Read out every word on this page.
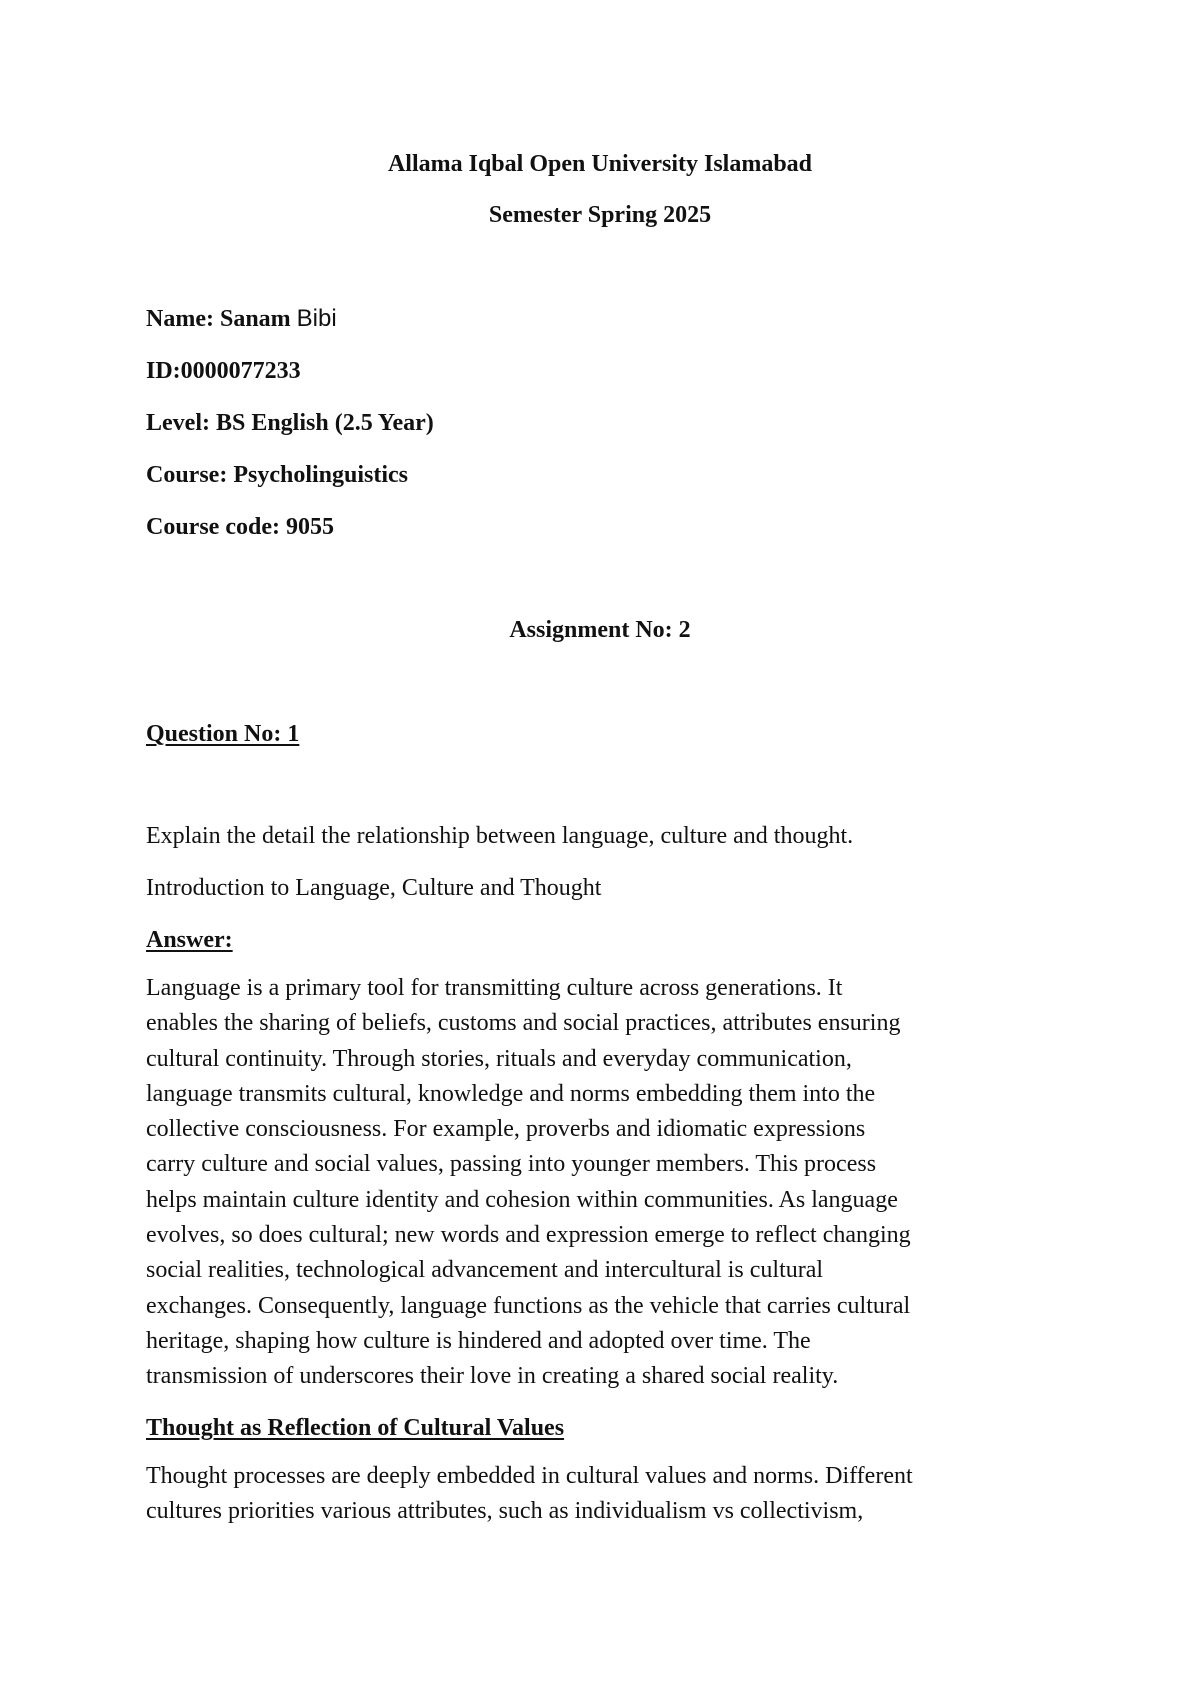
Allama Iqbal Open University Islamabad
Semester Spring 2025
Name: Sanam Bibi
ID:0000077233
Level: BS English (2.5 Year)
Course: Psycholinguistics
Course code: 9055
Assignment No: 2
Question No: 1
Explain the detail the relationship between language, culture and thought.
Introduction to Language, Culture and Thought
Answer:
Language is a primary tool for transmitting culture across generations. It
enables the sharing of beliefs, customs and social practices, attributes ensuring
cultural continuity. Through stories, rituals and everyday communication,
language transmits cultural, knowledge and norms embedding them into the
collective consciousness. For example, proverbs and idiomatic expressions
carry culture and social values, passing into younger members. This process
helps maintain culture identity and cohesion within communities. As language
evolves, so does cultural; new words and expression emerge to reflect changing
social realities, technological advancement and intercultural is cultural
exchanges. Consequently, language functions as the vehicle that carries cultural
heritage, shaping how culture is hindered and adopted over time. The
transmission of underscores their love in creating a shared social reality.
Thought as Reflection of Cultural Values
Thought processes are deeply embedded in cultural values and norms. Different
cultures priorities various attributes, such as individualism vs collectivism,
